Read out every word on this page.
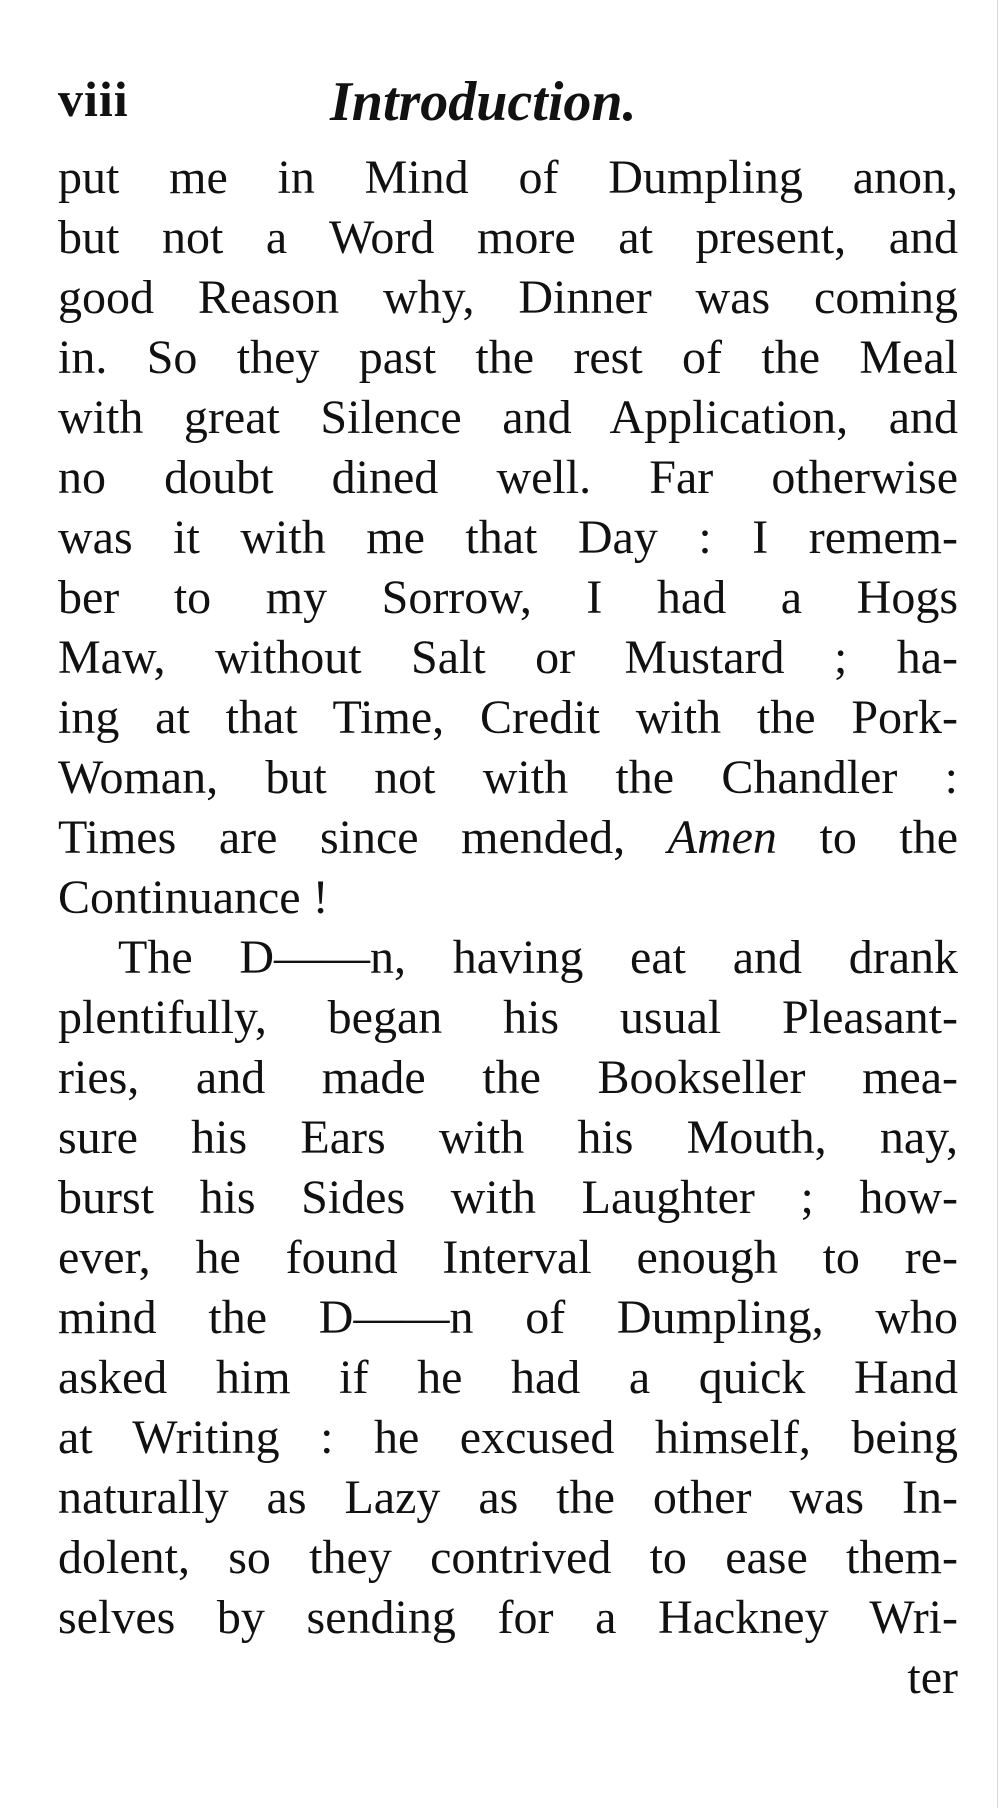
viii	Introduction.
put me in Mind of Dumpling anon,
but not a Word more at present, and
good Reason why, Dinner was coming
in. So they past the rest of the Meal
with great Silence and Application, and
no doubt dined well. Far otherwise
was it with me that Day : I remem-
ber to my Sorrow, I had a Hogs
Maw, without Salt or Mustard ; ha-
ing at that Time, Credit with the Pork-
Woman, but not with the Chandler :
Times are since mended, Amen to the
Continuance !
The D——n, having eat and drank
plentifully, began his usual Pleasant-
ries, and made the Bookseller mea-
sure his Ears with his Mouth, nay,
burst his Sides with Laughter ; how-
ever, he found Interval enough to re-
mind the D——n of Dumpling, who
asked him if he had a quick Hand
at Writing : he excused himself, being
naturally as Lazy as the other was In-
dolent, so they contrived to ease them-
selves by sending for a Hackney Wri-
ter
